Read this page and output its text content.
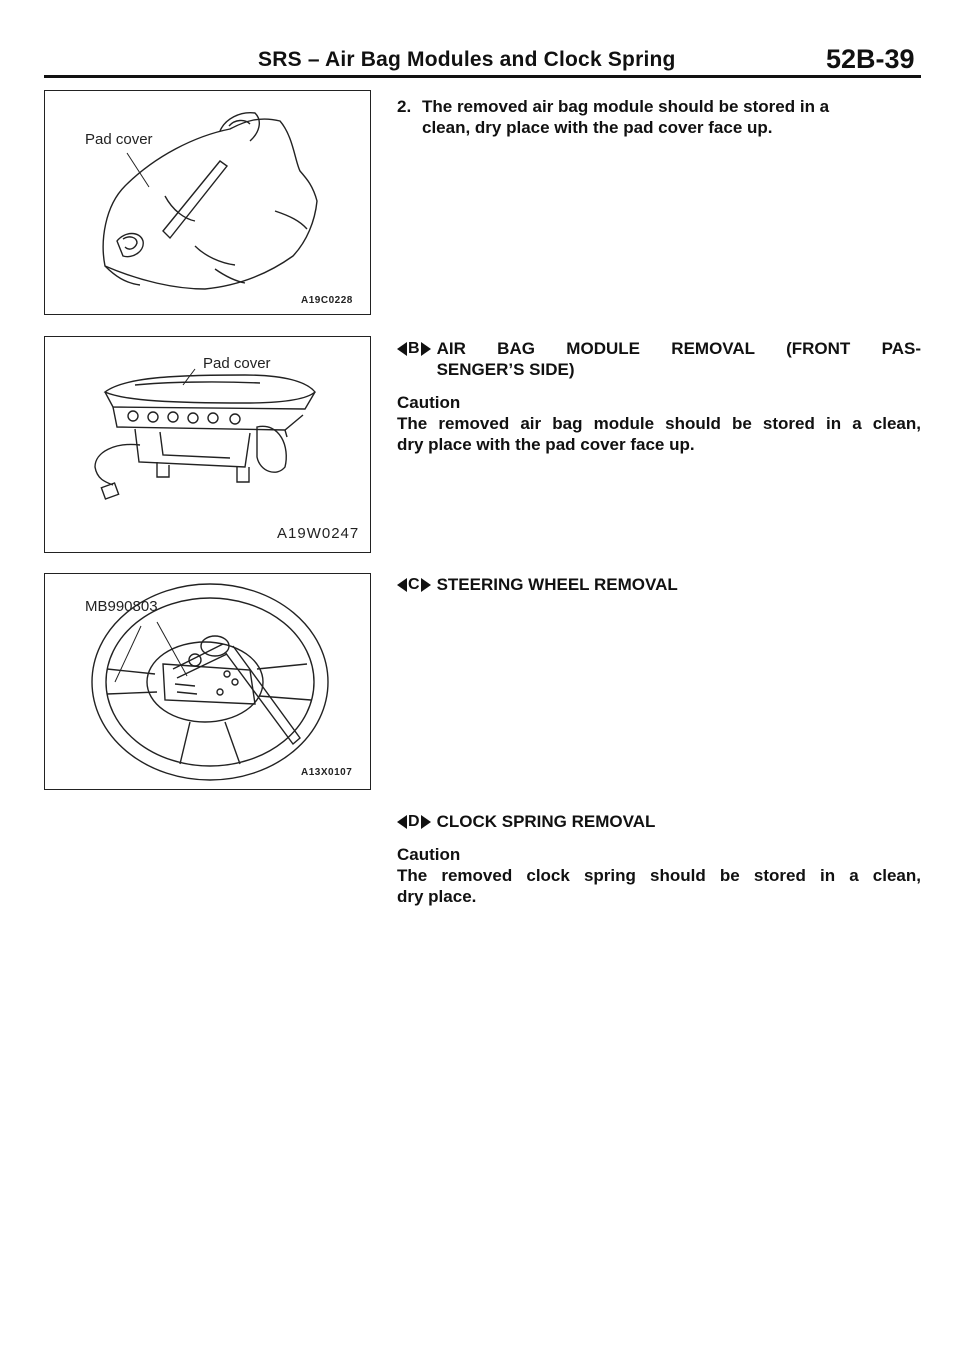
SRS – Air Bag Modules and Clock Spring	52B-39
Pad cover
A19C0228
Pad cover
A19W0247
MB990803
A13X0107
2. The removed air bag module should be stored in a
clean, dry place with the pad cover face up.
B AIR BAG MODULE REMOVAL (FRONT PAS-
SENGER’S SIDE)
Caution
The removed air bag module should be stored in a clean,
dry place with the pad cover face up.
C STEERING WHEEL REMOVAL
D CLOCK SPRING REMOVAL
Caution
The removed clock spring should be stored in a clean,
dry place.
